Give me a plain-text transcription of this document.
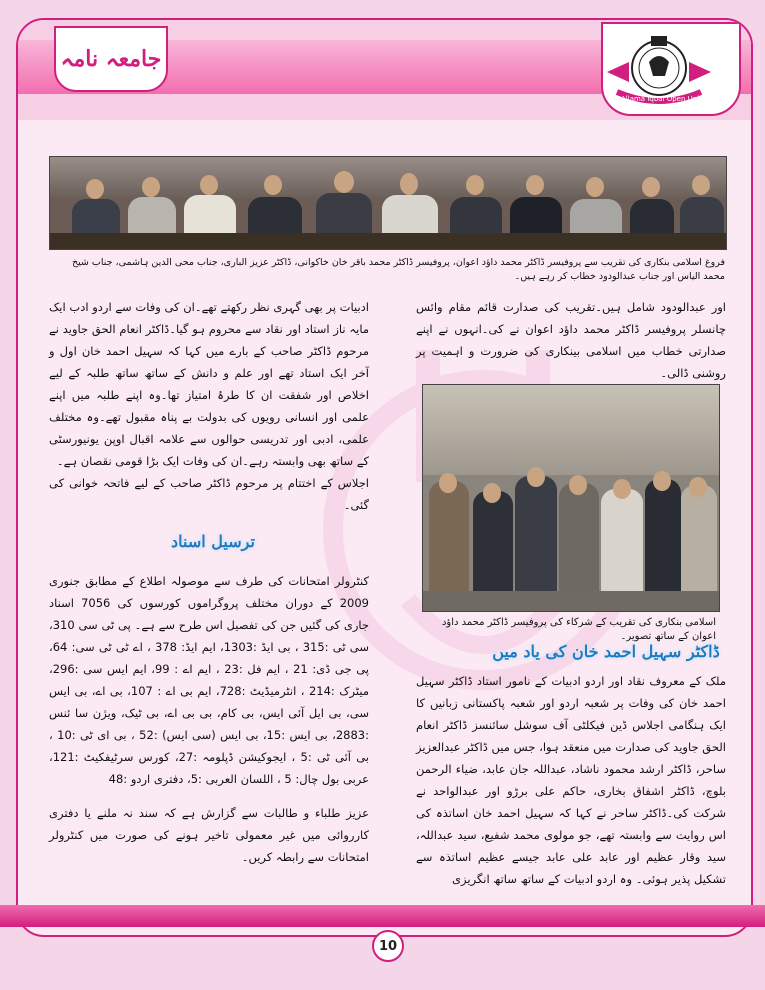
جامعہ نامہ
Allama Iqbal Open University
فروغ اسلامی بنکاری کی تقریب سے پروفیسر ڈاکٹر محمد داؤد اعوان، پروفیسر ڈاکٹر محمد باقر خان خاکوانی، ڈاکٹر عزیز الباری، جناب محی الدین ہاشمی، جناب شیخ محمد الیاس اور جناب عبدالودود خطاب کر رہے ہیں۔
اور عبدالودود شامل ہیں۔تقریب کی صدارت قائم مقام وائس چانسلر پروفیسر ڈاکٹر محمد داؤد اعوان نے کی۔انہوں نے اپنے صدارتی خطاب میں اسلامی بینکاری کی ضرورت و اہمیت پر روشنی ڈالی۔
اسلامی بنکاری کی تقریب کے شرکاء کی پروفیسر ڈاکٹر محمد داؤد اعوان کے ساتھ تصویر۔
ڈاکٹر سہیل احمد خان کی یاد میں
ملک کے معروف نقاد اور اردو ادبیات کے نامور استاد ڈاکٹر سہیل احمد خان کی وفات پر شعبہ اردو اور شعبہ پاکستانی زبانیں کا ایک ہنگامی اجلاس ڈین فیکلٹی آف سوشل سائنسز ڈاکٹر انعام الحق جاوید کی صدارت میں منعقد ہوا، جس میں ڈاکٹر عبدالعزیز ساحر، ڈاکٹر ارشد محمود ناشاد، عبداللہ جان عابد، ضیاء الرحمن بلوچ، ڈاکٹر اشفاق بخاری، حاکم علی برڑو اور عبدالواحد نے شرکت کی۔ڈاکٹر ساحر نے کہا کہ سہیل احمد خان اساتذہ کی اس روایت سے وابستہ تھے، جو مولوی محمد شفیع، سید عبداللہ، سید وقار عظیم اور عابد علی عابد جیسے عظیم اساتذہ سے تشکیل پذیر ہوئی۔ وہ اردو ادبیات کے ساتھ ساتھ انگریزی
ادبیات پر بھی گہری نظر رکھتے تھے۔ان کی وفات سے اردو ادب ایک مایہ ناز استاد اور نقاد سے محروم ہو گیا۔ڈاکٹر انعام الحق جاوید نے مرحوم ڈاکٹر صاحب کے بارے میں کہا کہ سہیل احمد خان اول و آخر ایک استاد تھے اور علم و دانش کے ساتھ ساتھ طلبہ کے لیے اخلاص اور شفقت ان کا طرۂ امتیاز تھا۔وہ اپنے طلبہ میں اپنے علمی اور انسانی رویوں کی بدولت بے پناہ مقبول تھے۔وہ مختلف علمی، ادبی اور تدریسی حوالوں سے علامہ اقبال اوپن یونیورسٹی کے ساتھ بھی وابستہ رہے۔ان کی وفات ایک بڑا قومی نقصان ہے۔
اجلاس کے اختتام پر مرحوم ڈاکٹر صاحب کے لیے فاتحہ خوانی کی گئی۔
ترسیل اسناد
کنٹرولر امتحانات کی طرف سے موصولہ اطلاع کے مطابق جنوری 2009 کے دوران مختلف پروگراموں کورسوں کی 7056 اسناد جاری کی گئیں جن کی تفصیل اس طرح سے ہے۔ پی ٹی سی 310، سی ٹی :315 ، بی ایڈ :1303، ایم ایڈ: 378 ، اے ٹی ٹی سی: 64، پی جی ڈی: 21 ، ایم فل :23 ، ایم اے : 99، ایم ایس سی :296، میٹرک :214 ، انٹرمیڈیٹ :728، ایم بی اے : 107، بی اے، بی ایس سی، بی ایل آئی ایس، بی کام، بی بی اے، بی ٹیک، ویژن سا ئنس :2883، بی ایس :15، بی ایس (سی ایس) :52 ، بی ای ٹی :10 ، بی آئی ٹی :5 ، ایجوکیشن ڈپلومہ :27، کورس سرٹیفکیٹ :121، عربی بول چال: 5 ، اللسان العربی :5، دفتری اردو :48
عزیز طلباء و طالبات سے گزارش ہے کہ سند نہ ملنے یا دفتری کارروائی میں غیر معمولی تاخیر ہونے کی صورت میں کنٹرولر امتحانات سے رابطہ کریں۔
10
